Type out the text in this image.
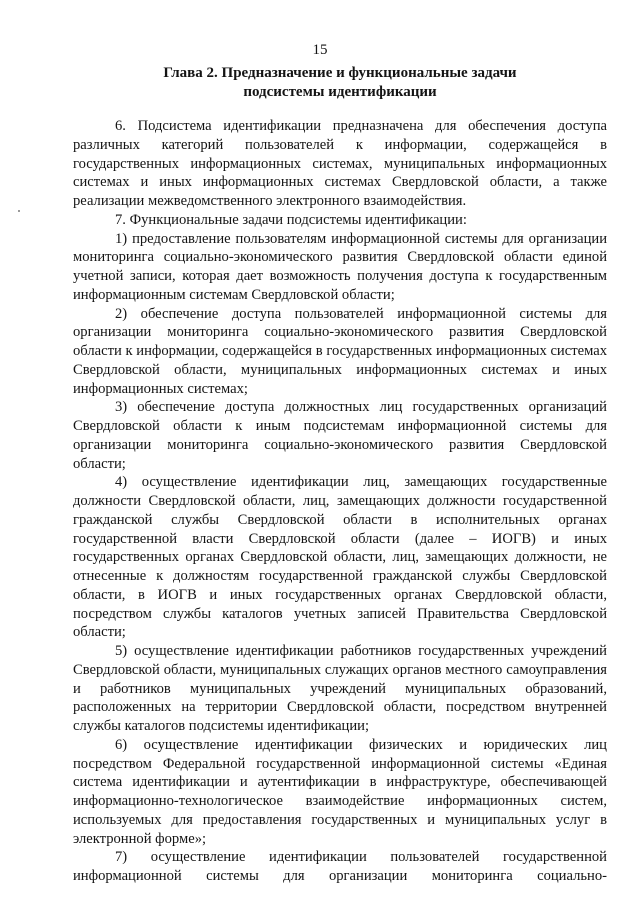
15
Глава 2. Предназначение и функциональные задачи
подсистемы идентификации

6. Подсистема идентификации предназначена для обеспечения доступа различных категорий пользователей к информации, содержащейся в государственных информационных системах, муниципальных информационных системах и иных информационных системах Свердловской области, а также реализации межведомственного электронного взаимодействия.

7. Функциональные задачи подсистемы идентификации:

1) предоставление пользователям информационной системы для организации мониторинга социально-экономического развития Свердловской области единой учетной записи, которая дает возможность получения доступа к государственным информационным системам Свердловской области;

2) обеспечение доступа пользователей информационной системы для организации мониторинга социально-экономического развития Свердловской области к информации, содержащейся в государственных информационных системах Свердловской области, муниципальных информационных системах и иных информационных системах;

3) обеспечение доступа должностных лиц государственных организаций Свердловской области к иным подсистемам информационной системы для организации мониторинга социально-экономического развития Свердловской области;

4) осуществление идентификации лиц, замещающих государственные должности Свердловской области, лиц, замещающих должности государственной гражданской службы Свердловской области в исполнительных органах государственной власти Свердловской области (далее – ИОГВ) и иных государственных органах Свердловской области, лиц, замещающих должности, не отнесенные к должностям государственной гражданской службы Свердловской области, в ИОГВ и иных государственных органах Свердловской области, посредством службы каталогов учетных записей Правительства Свердловской области;

5) осуществление идентификации работников государственных учреждений Свердловской области, муниципальных служащих органов местного самоуправления и работников муниципальных учреждений муниципальных образований, расположенных на территории Свердловской области, посредством внутренней службы каталогов подсистемы идентификации;

6) осуществление идентификации физических и юридических лиц посредством Федеральной государственной информационной системы «Единая система идентификации и аутентификации в инфраструктуре, обеспечивающей информационно-технологическое взаимодействие информационных систем, используемых для предоставления государственных и муниципальных услуг в электронной форме»;

7) осуществление идентификации пользователей государственной информационной системы для организации мониторинга социально-
